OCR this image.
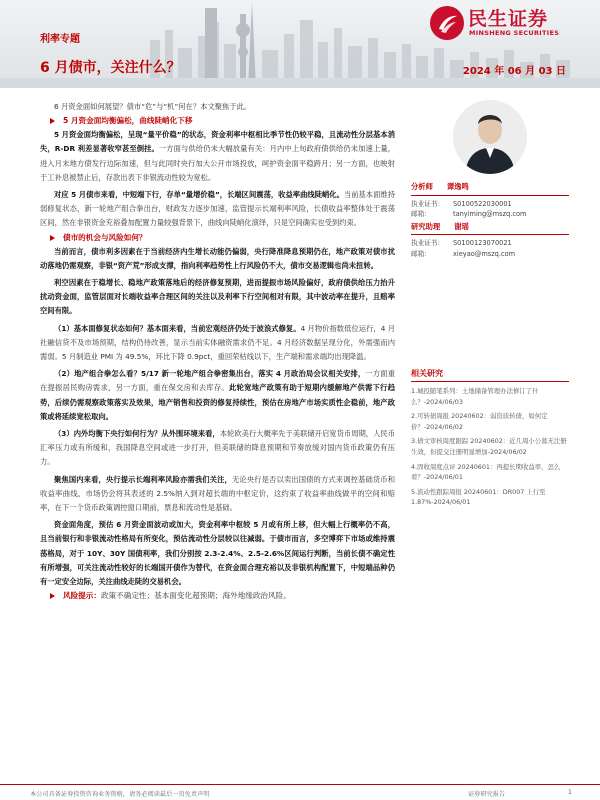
利率专题
6 月债市，关注什么？	2024 年 06 月 03 日
民生证券
MINSHENG SECURITIES

6 月资金面如何展望？债市“危”与“机”何在？本文聚焦于此。

5 月资金面均衡偏松，曲线陡峭化下移

5 月资金面均衡偏松，呈现“量平价稳”的状态，资金利率中枢相比季节性仍较平稳，且流动性分层基本消失，R-DR 利差显著收窄甚至倒挂。一方面与供给仍未大幅放量有关：月内中上旬政府债供给仍未加速上量，进入月末地方债发行边际加速，但与此同时央行加大公开市场投放，呵护资金面平稳跨月；另一方面，也映射于工补息被禁止后，存款出表下非银流动性较为宽松。

对应 5 月债市来看，中短端下行，存单“量增价稳”，长端区间震荡，收益率曲线陡峭化。当前基本面维持弱修复状态，新一轮地产组合拳出台，财政发力逐步加速，监管提示长端利率风险，长债收益率整体处于震荡区间，然在非银资金充裕叠加配置力量较强背景下，曲线向陡峭化演绎，只是空间确实也受到约束。

债市的机会与风险如何？

当前而言，债市利多因素在于当前经济内生增长动能仍偏弱，央行降准降息预期仍在，地产政策对债市扰动落地仍需观察，非银“资产荒”形成支撑，指向利率趋势性上行风险仍不大，债市交易逻辑也尚未扭转。

利空因素在于稳增长、稳地产政策落地后的经济修复预期，进而提振市场风险偏好，政府债供给压力抬升扰动资金面，监管层面对长端收益率合理区间的关注以及利率下行空间相对有限，其中波动率在提升，且赔率空间有限。

（1）基本面修复状态如何？基本面来看，当前宏观经济仍处于波浪式修复。4 月物价指数低位运行，4 月社融信贷不及市场预期，结构仍待改善，显示当前实体融资需求仍不足。4 月经济数据呈现分化，外需强而内需弱。5 月制造业 PMI 为 49.5%，环比下降 0.9pct，重回荣枯线以下，生产端和需求端均出现降温。

（2）地产组合拳怎么看？5/17 新一轮地产组合拳密集出台，落实 4 月政治局会议相关安排，一方面重在提振居民购房需求，另一方面，重在保交房和去库存。此轮宽地产政策有助于短期内缓解地产供需下行趋势，后续仍需观察政策落实及效果，地产销售和投资的修复持续性，预估在房地产市场实质性企稳前，地产政策或将延续宽松取向。

（3）内外均衡下央行如何行为？从外围环境来看，本轮欧美行大概率先于美联储开启宽货币周期，人民币汇率压力或有所缓和，我国降息空间或进一步打开，但美联储的降息预期和节奏放缓对国内货币政策仍有压力。

聚焦国内来看，央行提示长端利率风险亦需我们关注，无论央行是否以卖出国债的方式来调控基础货币和收益率曲线，市场仍会将其表述的 2.5%纳入到对超长端的中枢定价，这约束了收益率曲线做平的空间和赔率，在下一个货币政策调控窗口期前，票息和流动性是基础。

资金面角度，预估 6 月资金面波动或加大，资金利率中枢较 5 月或有所上移，但大幅上行概率仍不高，且当前银行和非银流动性格局有所变化，预估流动性分层较以往减弱。于债市而言，多空博弈下市场或维持震荡格局，对于 10Y、30Y 国债利率，我们分别按 2.3-2.4%、2.5-2.6%区间运行判断，当前长债不确定性有所增强，可关注流动性较好的长端国开债作为替代，在资金面合理充裕以及非银机构配置下，中短端品种仍有一定安全边际，关注曲线走陡的交易机会。

风险提示： 政策不确定性；基本面变化超预期；海外地缘政治风险。
分析师 谭逸鸣
执业证书：	S0100522030001
邮箱：	tanyiming@mszq.com
研究助理 谢瑶
执业证书：	S0100123070021
邮箱：	xieyao@mszq.com
相关研究
1.城投随笔系列：土地储备管理办法修订了什么？-2024/06/03
2.可转债周报 20240602：弱资质转债，如何定价？-2024/06/02
3.债文审核周度跟踪 20240602：近几周小公募无注册生效，但提交注册明显增加-2024/06/02
4.固收周度点评 20240601：再提长期收益率，怎么看？-2024/06/01
5.流动性跟踪周报 20240601：DR007 上行至 1.87%-2024/06/01
本公司具备证券投资咨询业务资格，请务必阅读最后一页免责声明	证券研究报告	1
